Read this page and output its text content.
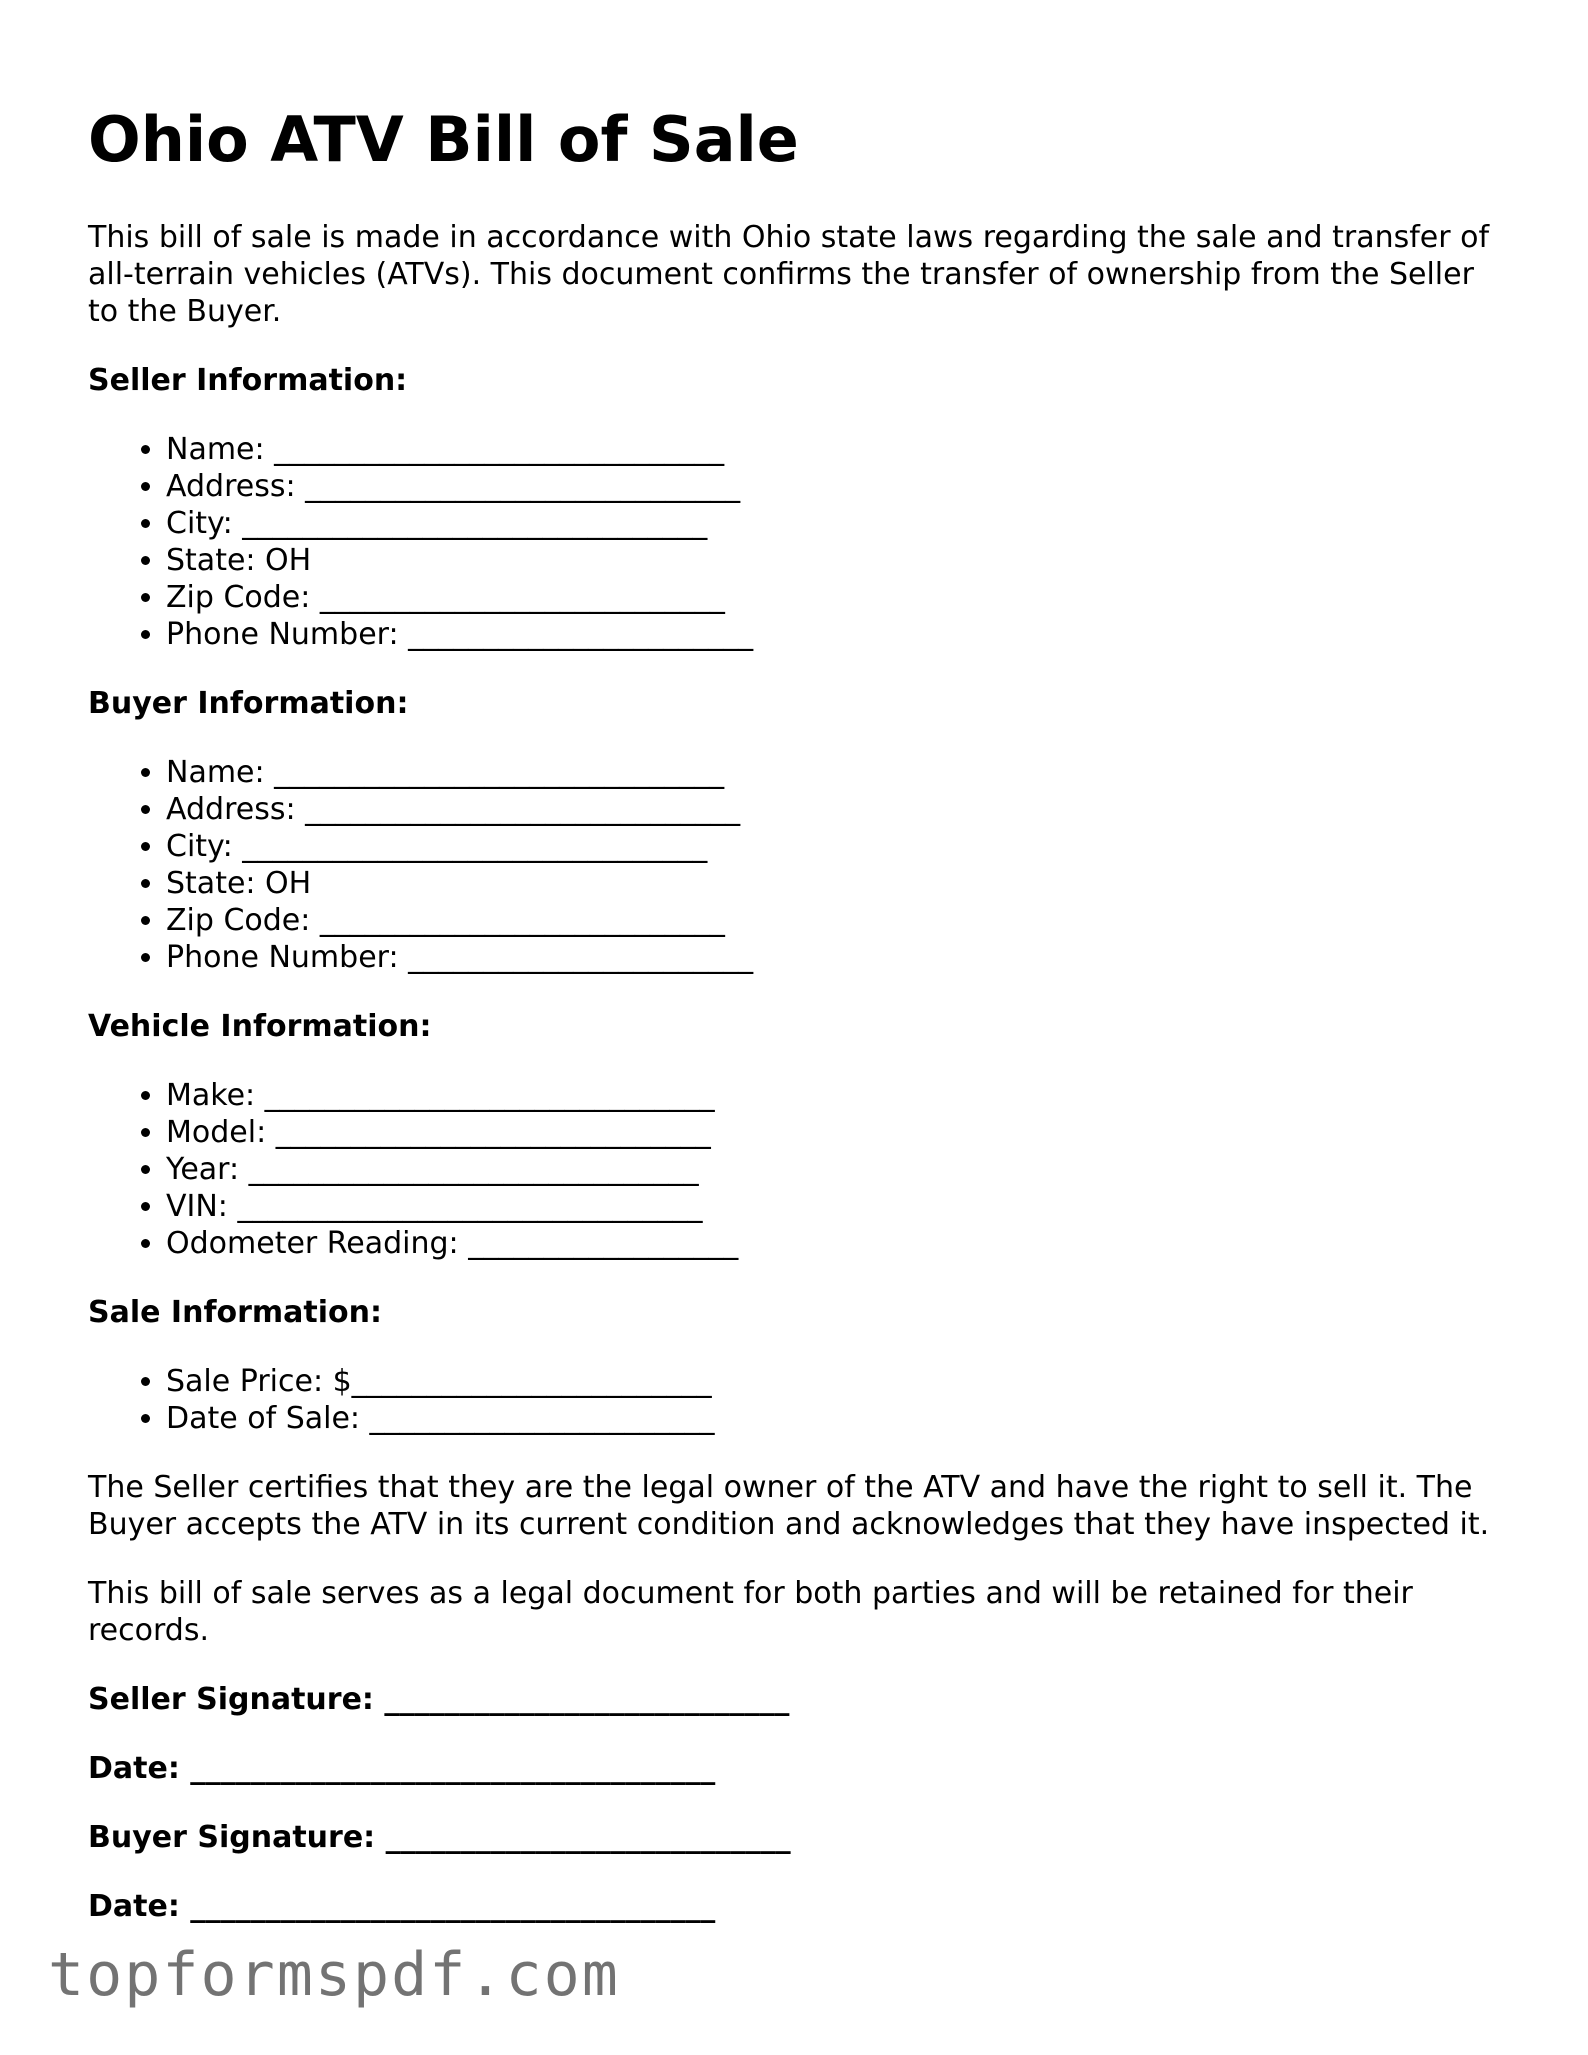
Ohio ATV Bill of Sale

This bill of sale is made in accordance with Ohio state laws regarding the sale and transfer of all-terrain vehicles (ATVs). This document confirms the transfer of ownership from the Seller to the Buyer.

Seller Information:
• Name: ______________________________
• Address: _____________________________
• City: _______________________________
• State: OH
• Zip Code: ___________________________
• Phone Number: _______________________
Buyer Information:
• Name: ______________________________
• Address: _____________________________
• City: _______________________________
• State: OH
• Zip Code: ___________________________
• Phone Number: _______________________
Vehicle Information:
• Make: ______________________________
• Model: _____________________________
• Year: ______________________________
• VIN: _______________________________
• Odometer Reading: __________________
Sale Information:
• Sale Price: $________________________
• Date of Sale: _______________________

The Seller certifies that they are the legal owner of the ATV and have the right to sell it. The Buyer accepts the ATV in its current condition and acknowledges that they have inspected it.

This bill of sale serves as a legal document for both parties and will be retained for their records.

Seller Signature: ___________________________
Date: ___________________________________
Buyer Signature: ___________________________
Date: ___________________________________
topformspdf.com
